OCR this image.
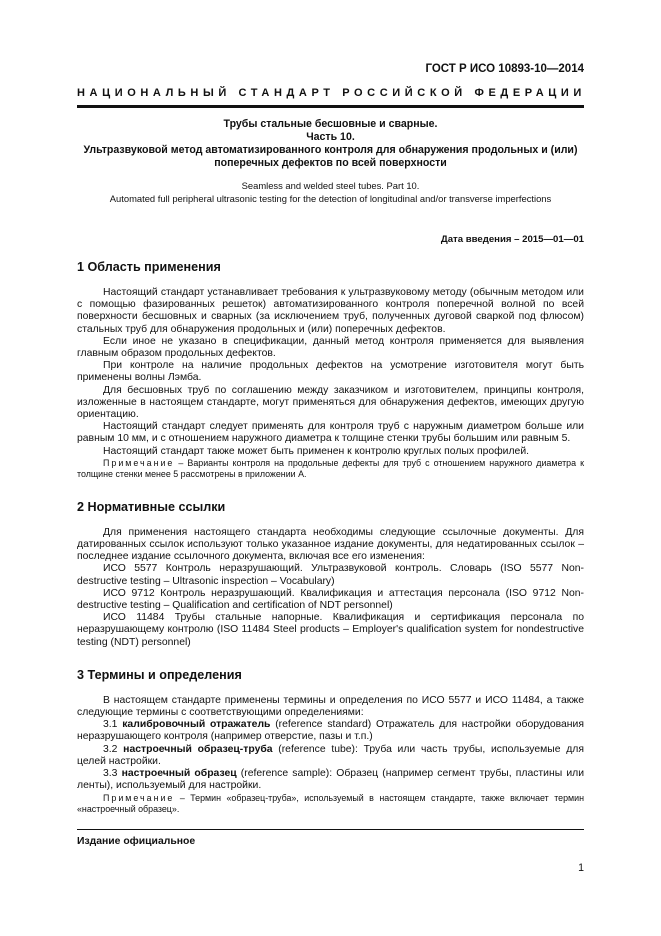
ГОСТ Р ИСО 10893-10—2014
НАЦИОНАЛЬНЫЙ СТАНДАРТ РОССИЙСКОЙ ФЕДЕРАЦИИ
Трубы стальные бесшовные и сварные.
Часть 10.
Ультразвуковой метод автоматизированного контроля для обнаружения продольных и (или)
поперечных дефектов по всей поверхности
Seamless and welded steel tubes. Part 10.
Automated full peripheral ultrasonic testing for the detection of longitudinal and/or transverse imperfections
Дата введения – 2015—01—01
1 Область применения

Настоящий стандарт устанавливает требования к ультразвуковому методу (обычным методом или с помощью фазированных решеток) автоматизированного контроля поперечной волной по всей поверхности бесшовных и сварных (за исключением труб, полученных дуговой сваркой под флюсом) стальных труб для обнаружения продольных и (или) поперечных дефектов.

Если иное не указано в спецификации, данный метод контроля применяется для выявления главным образом продольных дефектов.

При контроле на наличие продольных дефектов на усмотрение изготовителя могут быть применены волны Лэмба.

Для бесшовных труб по соглашению между заказчиком и изготовителем, принципы контроля, изложенные в настоящем стандарте, могут применяться для обнаружения дефектов, имеющих другую ориентацию.

Настоящий стандарт следует применять для контроля труб с наружным диаметром больше или равным 10 мм, и с отношением наружного диаметра к толщине стенки трубы большим или равным 5.

Настоящий стандарт также может быть применен к контролю круглых полых профилей.

Примечание – Варианты контроля на продольные дефекты для труб с отношением наружного диаметра к толщине стенки менее 5 рассмотрены в приложении А.

2 Нормативные ссылки

Для применения настоящего стандарта необходимы следующие ссылочные документы. Для датированных ссылок используют только указанное издание документы, для недатированных ссылок – последнее издание ссылочного документа, включая все его изменения:

ИСО 5577 Контроль неразрушающий. Ультразвуковой контроль. Словарь (ISO 5577 Non-destructive testing – Ultrasonic inspection – Vocabulary)

ИСО 9712 Контроль неразрушающий. Квалификация и аттестация персонала (ISO 9712 Non-destructive testing – Qualification and certification of NDT personnel)

ИСО 11484 Трубы стальные напорные. Квалификация и сертификация персонала по неразрушающему контролю (ISO 11484 Steel products – Employer's qualification system for nondestructive testing (NDT) personnel)

3 Термины и определения

В настоящем стандарте применены термины и определения по ИСО 5577 и ИСО 11484, а также следующие термины с соответствующими определениями:

3.1 калибровочный отражатель (reference standard) Отражатель для настройки оборудования неразрушающего контроля (например отверстие, пазы и т.п.)

3.2 настроечный образец-труба (reference tube): Труба или часть трубы, используемые для целей настройки.

3.3 настроечный образец (reference sample): Образец (например сегмент трубы, пластины или ленты), используемый для настройки.

Примечание – Термин «образец-труба», используемый в настоящем стандарте, также включает термин «настроечный образец».

Издание официальное
1
